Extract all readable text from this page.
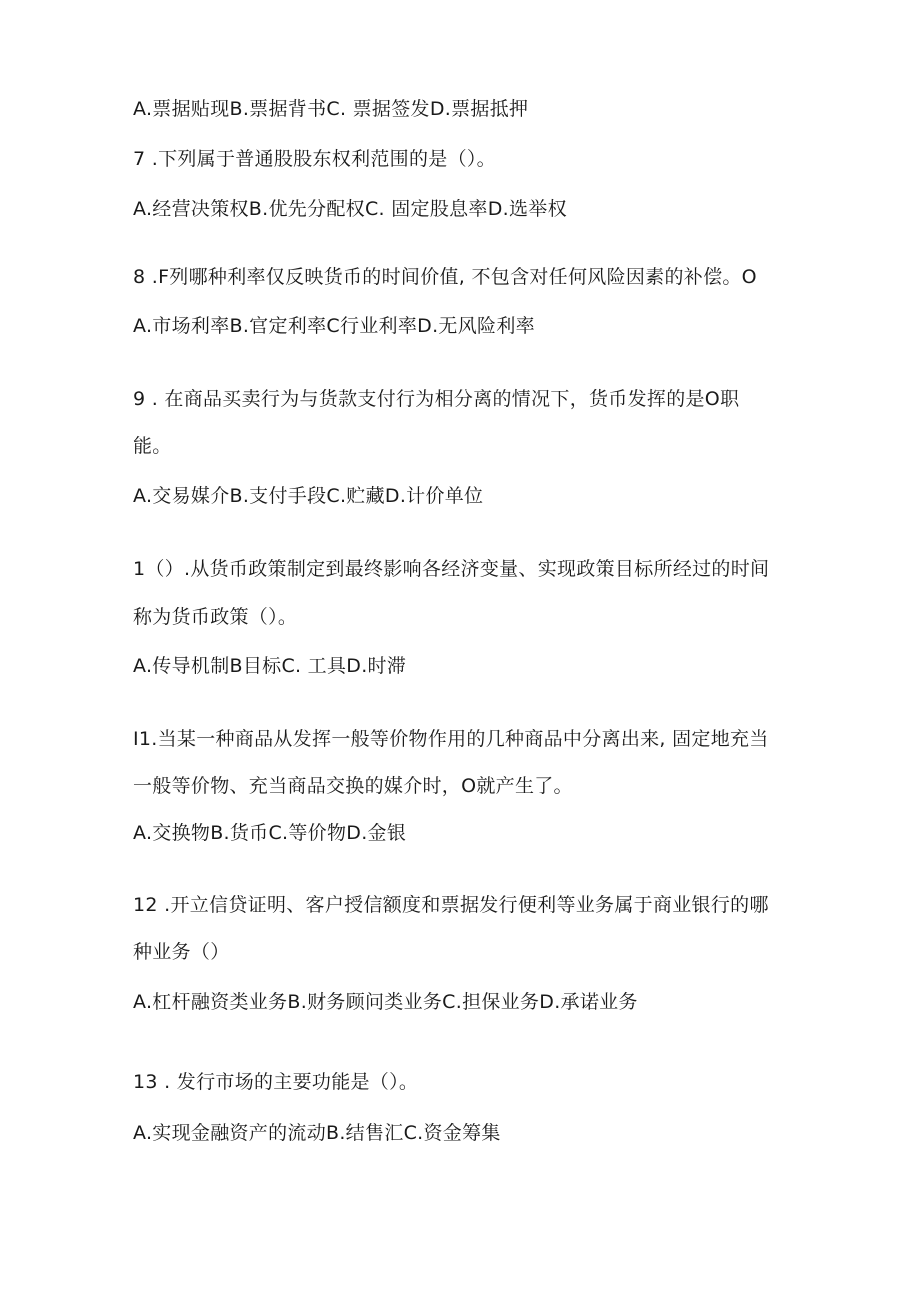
A.票据贴现B.票据背书C. 票据签发D.票据抵押
7 .下列属于普通股股东权利范围的是（）。
A.经营决策权B.优先分配权C. 固定股息率D.选举权
8 .F列哪种利率仅反映货币的时间价值, 不包含对任何风险因素的补偿。O
A.市场利率B.官定利率C行业利率D.无风险利率
9 . 在商品买卖行为与货款支付行为相分离的情况下，货币发挥的是O职
能。
A.交易媒介B.支付手段C.贮藏D.计价单位
1（）.从货币政策制定到最终影响各经济变量、实现政策目标所经过的时间
称为货币政策（）。
A.传导机制B目标C. 工具D.时滞
I1.当某一种商品从发挥一般等价物作用的几种商品中分离出来, 固定地充当
一般等价物、充当商品交换的媒介时，O就产生了。
A.交换物B.货币C.等价物D.金银
12 .开立信贷证明、客户授信额度和票据发行便利等业务属于商业银行的哪
种业务（）
A.杠杆融资类业务B.财务顾问类业务C.担保业务D.承诺业务
13 . 发行市场的主要功能是（）。
A.实现金融资产的流动B.结售汇C.资金筹集
